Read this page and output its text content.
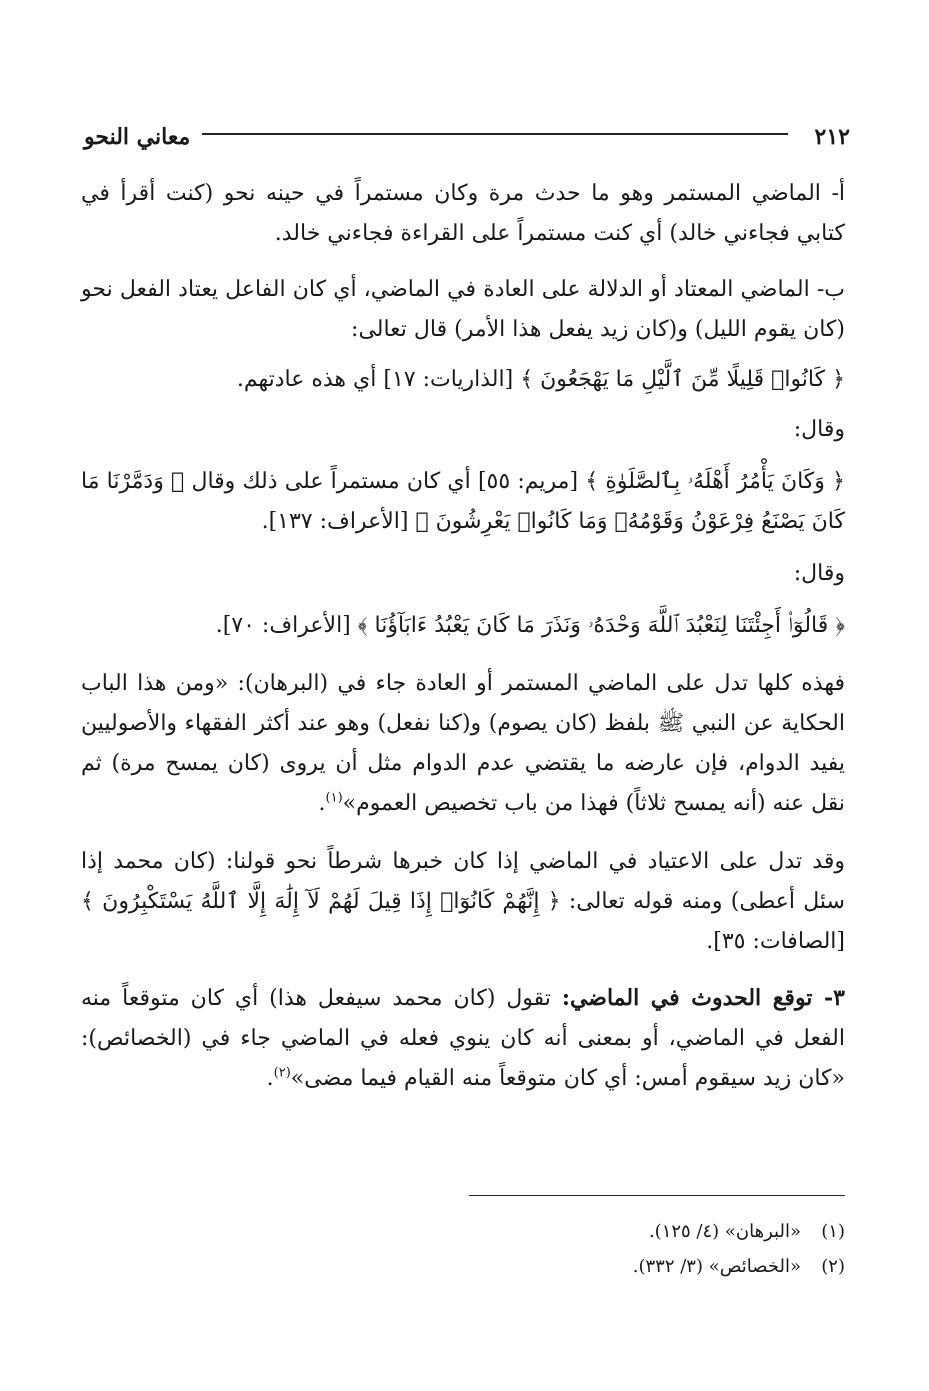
٢١٢
معاني النحو

أ- الماضي المستمر وهو ما حدث مرة وكان مستمراً في حينه نحو (كنت أقرأ في كتابي فجاءني خالد) أي كنت مستمراً على القراءة فجاءني خالد.

ب- الماضي المعتاد أو الدلالة على العادة في الماضي، أي كان الفاعل يعتاد الفعل نحو (كان يقوم الليل) و(كان زيد يفعل هذا الأمر) قال تعالى:

﴿ كَانُوا۟ قَلِيلًا مِّنَ ٱلَّيْلِ مَا يَهْجَعُونَ ﴾ [الذاريات: ١٧] أي هذه عادتهم.

وقال:

﴿ وَكَانَ يَأْمُرُ أَهْلَهُۥ بِٱلصَّلَوٰةِ ﴾ [مريم: ٥٥] أي كان مستمراً على ذلك وقال ﴿ وَدَمَّرْنَا مَا كَانَ يَصْنَعُ فِرْعَوْنُ وَقَوْمُهُۥ وَمَا كَانُوا۟ يَعْرِشُونَ ﴾ [الأعراف: ١٣٧].

وقال:

﴿ قَالُوٓا۟ أَجِئْتَنَا لِنَعْبُدَ ٱللَّهَ وَحْدَهُۥ وَنَذَرَ مَا كَانَ يَعْبُدُ ءَابَآؤُنَا ﴾ [الأعراف: ٧٠].

فهذه كلها تدل على الماضي المستمر أو العادة جاء في (البرهان): «ومن هذا الباب الحكاية عن النبي ﷺ بلفظ (كان يصوم) و(كنا نفعل) وهو عند أكثر الفقهاء والأصوليين يفيد الدوام، فإن عارضه ما يقتضي عدم الدوام مثل أن يروى (كان يمسح مرة) ثم نقل عنه (أنه يمسح ثلاثاً) فهذا من باب تخصيص العموم»$^{(١)}$.

وقد تدل على الاعتياد في الماضي إذا كان خبرها شرطاً نحو قولنا: (كان محمد إذا سئل أعطى) ومنه قوله تعالى: ﴿ إِنَّهُمْ كَانُوٓا۟ إِذَا قِيلَ لَهُمْ لَآ إِلَٰهَ إِلَّا ٱللَّهُ يَسْتَكْبِرُونَ ﴾ [الصافات: ٣٥].

٣- توقع الحدوث في الماضي: تقول (كان محمد سيفعل هذا) أي كان متوقعاً منه الفعل في الماضي، أو بمعنى أنه كان ينوي فعله في الماضي جاء في (الخصائص): «كان زيد سيقوم أمس: أي كان متوقعاً منه القيام فيما مضى»$^{(٢)}$.

(١)«البرهان» (٤/ ١٢٥).
(٢)«الخصائص» (٣/ ٣٣٢).
